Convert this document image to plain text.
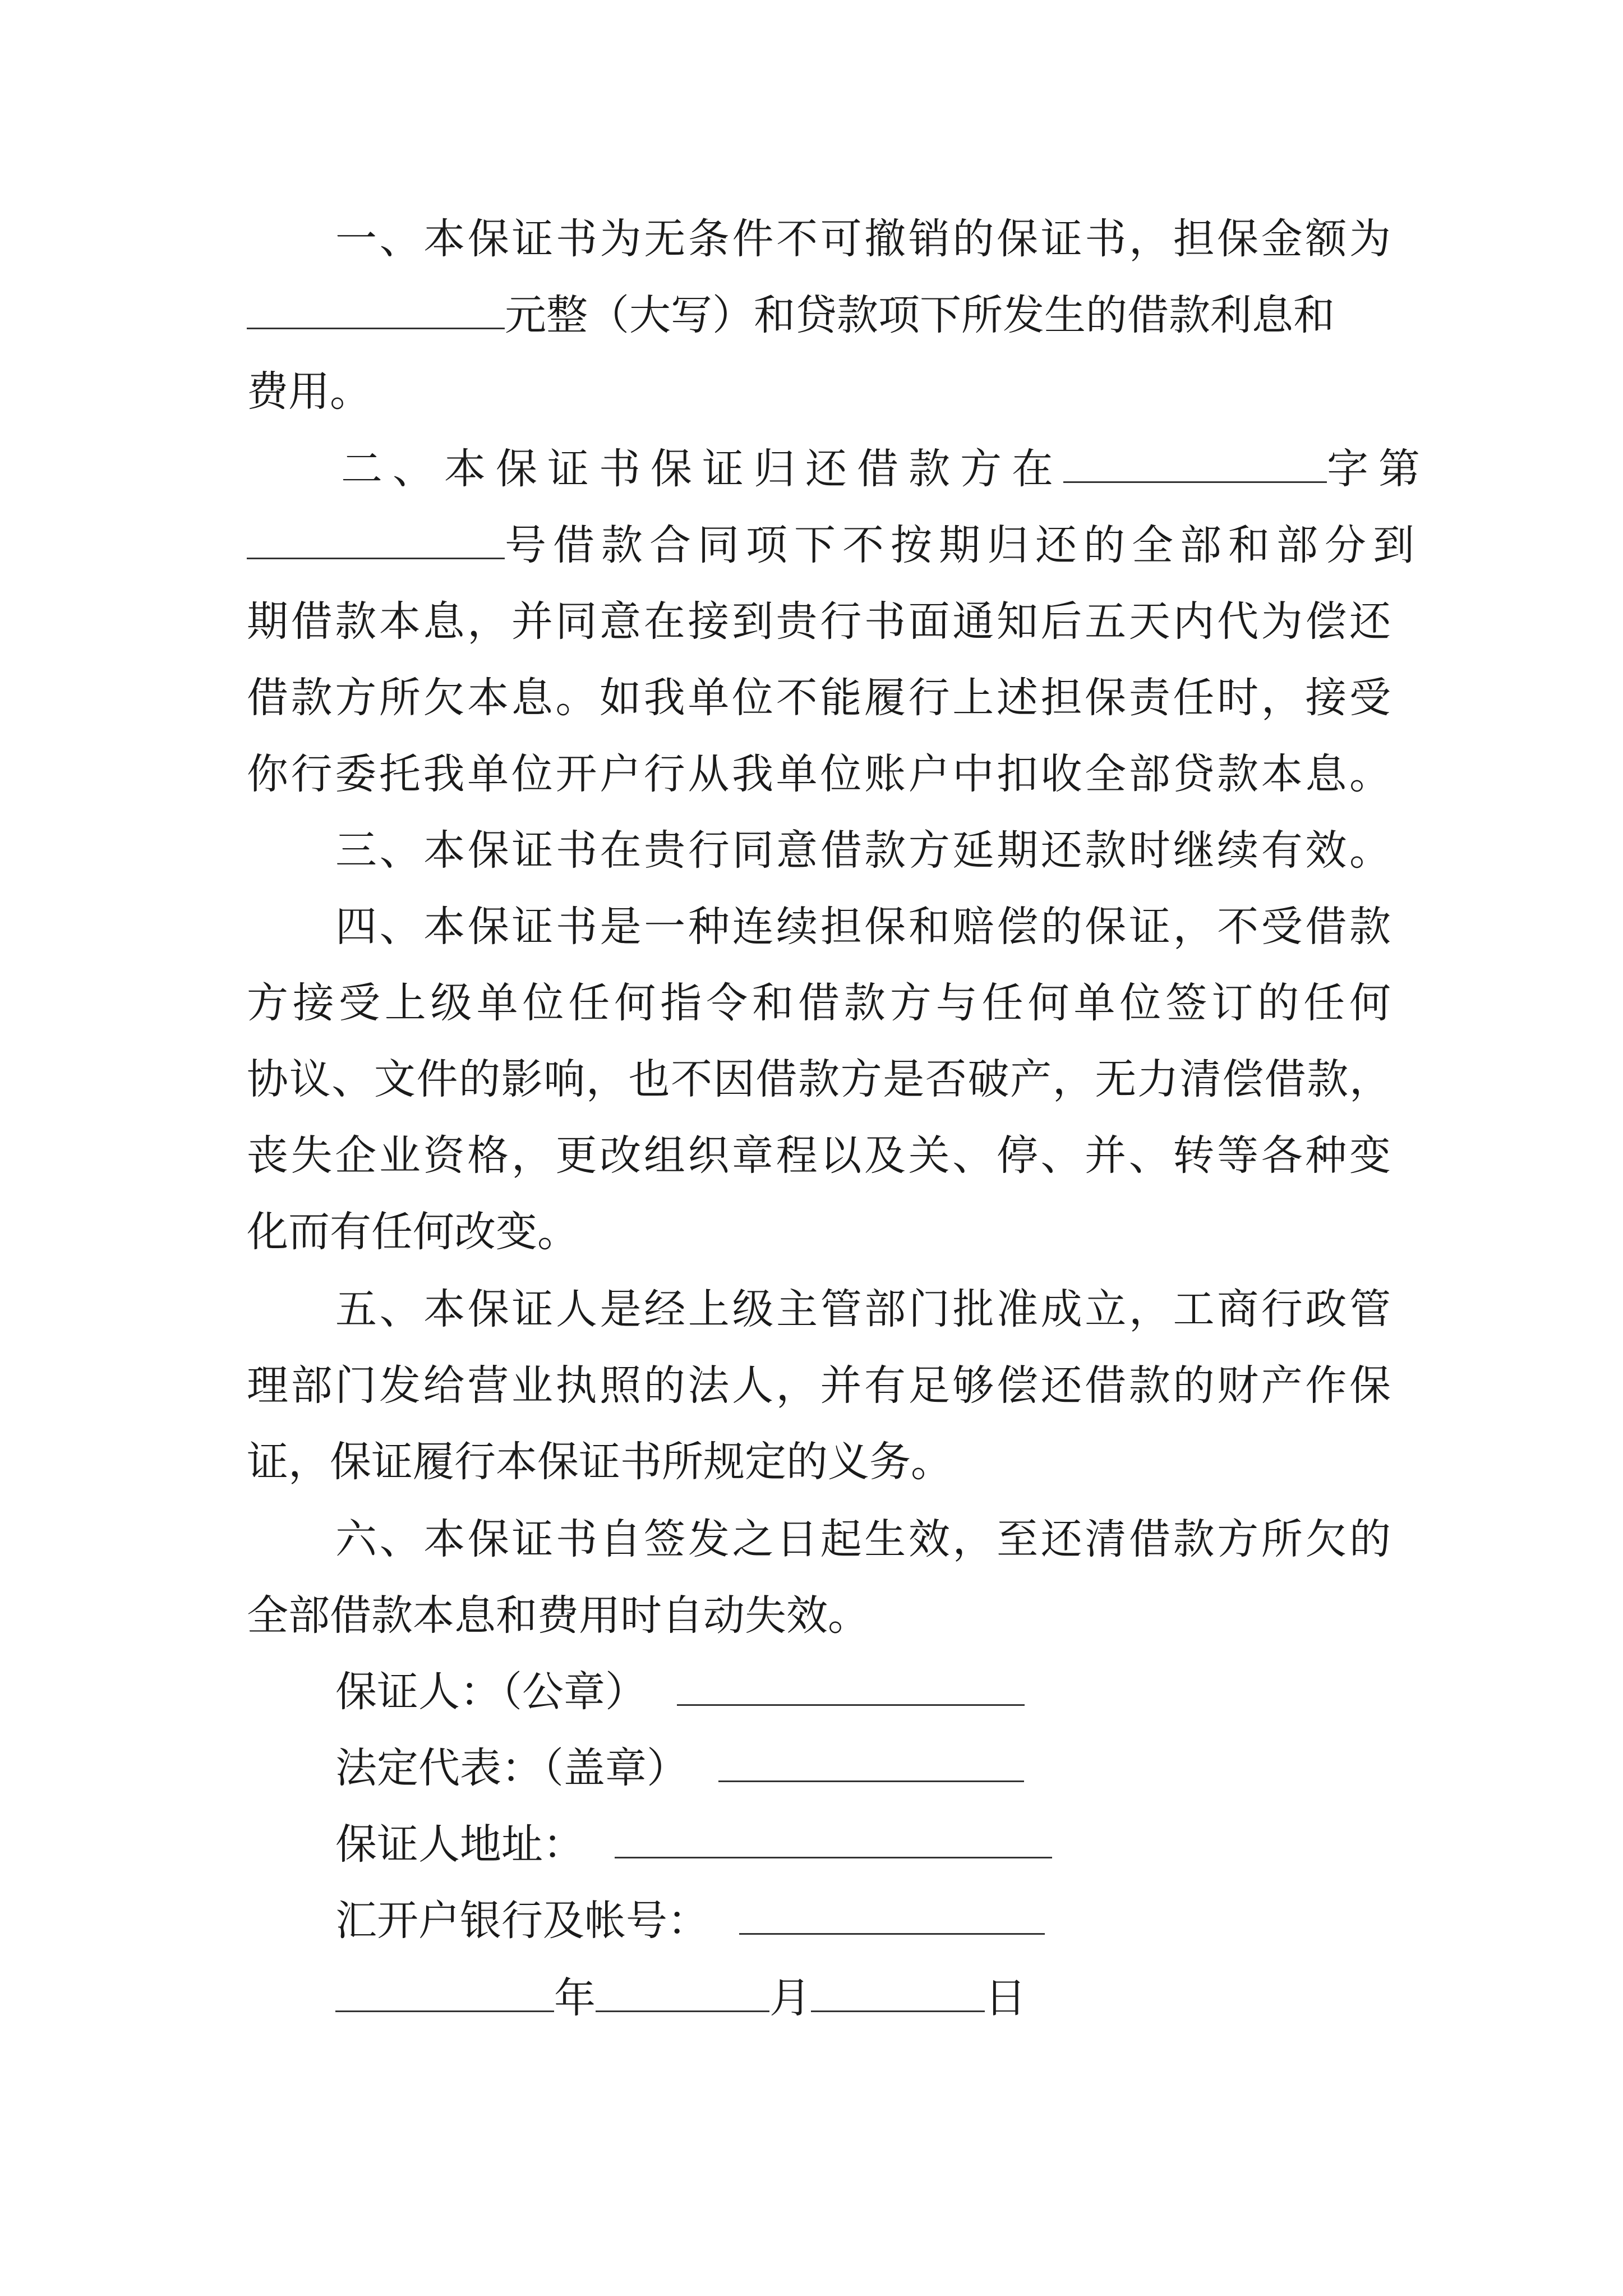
一、本保证书为无条件不可撤销的保证书，担保金额为
元整（大写）和贷款项下所发生的借款利息和
费用。
二、本保证书保证归还借款方在	字第
号借款合同项下不按期归还的全部和部分到
期借款本息，并同意在接到贵行书面通知后五天内代为偿还
借款方所欠本息。如我单位不能履行上述担保责任时，接受
你行委托我单位开户行从我单位账户中扣收全部贷款本息。
三、本保证书在贵行同意借款方延期还款时继续有效。
四、本保证书是一种连续担保和赔偿的保证，不受借款
方接受上级单位任何指令和借款方与任何单位签订的任何
协议、文件的影响，也不因借款方是否破产，无力清偿借款，
丧失企业资格，更改组织章程以及关、停、并、转等各种变
化而有任何改变。
五、本保证人是经上级主管部门批准成立，工商行政管
理部门发给营业执照的法人，并有足够偿还借款的财产作保
证，保证履行本保证书所规定的义务。
六、本保证书自签发之日起生效，至还清借款方所欠的
全部借款本息和费用时自动失效。
保证人：（公章）
法定代表：（盖章）
保证人地址：
汇开户银行及帐号：
年	月	日
